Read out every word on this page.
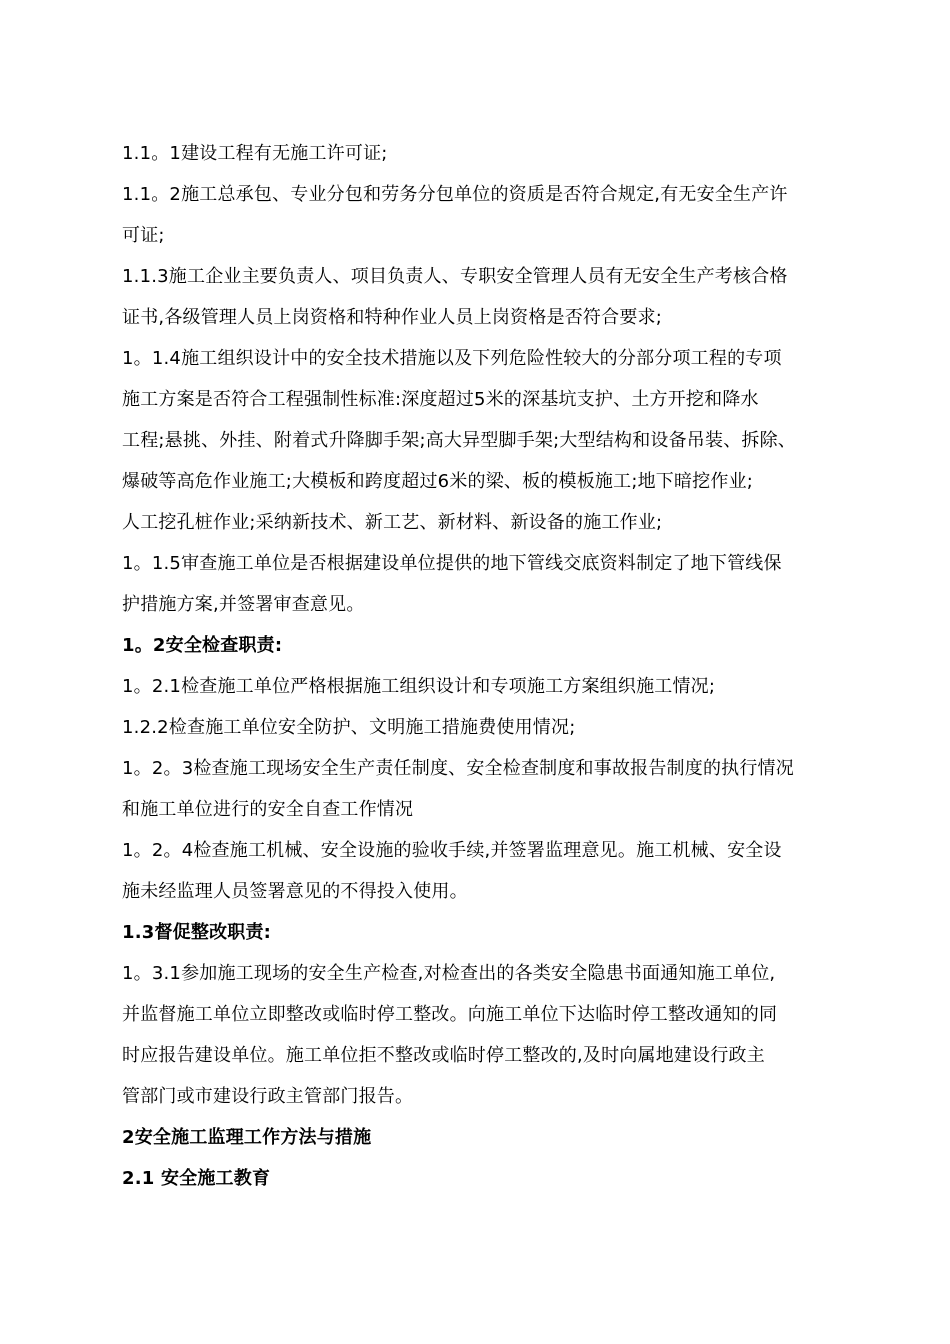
1.1。1建设工程有无施工许可证;
1.1。2施工总承包、专业分包和劳务分包单位的资质是否符合规定,有无安全生产许
可证;
1.1.3施工企业主要负责人、项目负责人、专职安全管理人员有无安全生产考核合格
证书,各级管理人员上岗资格和特种作业人员上岗资格是否符合要求;
1。1.4施工组织设计中的安全技术措施以及下列危险性较大的分部分项工程的专项
施工方案是否符合工程强制性标准:深度超过5米的深基坑支护、土方开挖和降水
工程;悬挑、外挂、附着式升降脚手架;高大异型脚手架;大型结构和设备吊装、拆除、
爆破等高危作业施工;大模板和跨度超过6米的梁、板的模板施工;地下暗挖作业;
人工挖孔桩作业;采纳新技术、新工艺、新材料、新设备的施工作业;
1。1.5审查施工单位是否根据建设单位提供的地下管线交底资料制定了地下管线保
护措施方案,并签署审查意见。
1。2安全检查职责:
1。2.1检查施工单位严格根据施工组织设计和专项施工方案组织施工情况;
1.2.2检查施工单位安全防护、文明施工措施费使用情况;
1。2。3检查施工现场安全生产责任制度、安全检查制度和事故报告制度的执行情况
和施工单位进行的安全自查工作情况
1。2。4检查施工机械、安全设施的验收手续,并签署监理意见。施工机械、安全设
施未经监理人员签署意见的不得投入使用。
1.3督促整改职责:
1。3.1参加施工现场的安全生产检查,对检查出的各类安全隐患书面通知施工单位,
并监督施工单位立即整改或临时停工整改。向施工单位下达临时停工整改通知的同
时应报告建设单位。施工单位拒不整改或临时停工整改的,及时向属地建设行政主
管部门或市建设行政主管部门报告。
2安全施工监理工作方法与措施
2.1 安全施工教育
